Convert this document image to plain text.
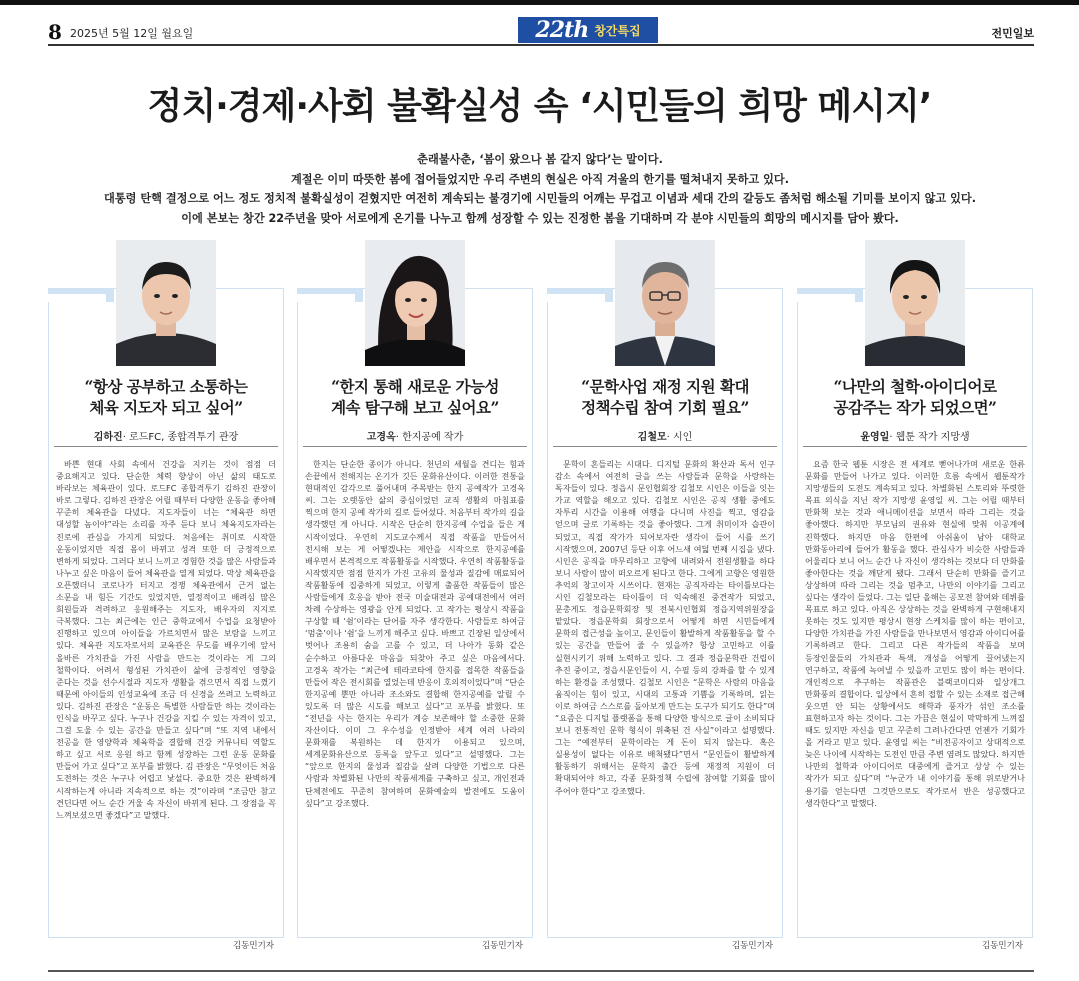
8 2025년 5월 12일 월요일	22th 창간특집	전민일보
정치·경제·사회 불확실성 속 ‘시민들의 희망 메시지’
춘래불사춘, ‘봄이 왔으나 봄 같지 않다’는 말이다.
계절은 이미 따뜻한 봄에 접어들었지만 우리 주변의 현실은 아직 겨울의 한기를 떨쳐내지 못하고 있다.
대통령 탄핵 결정으로 어느 정도 정치적 불확실성이 걷혔지만 여전히 계속되는 불경기에 시민들의 어깨는 무겁고 이념과 세대 간의 갈등도 좀처럼 해소될 기미를 보이지 않고 있다.
이에 본보는 창간 22주년을 맞아 서로에게 온기를 나누고 함께 성장할 수 있는 진정한 봄을 기대하며 각 분야 시민들의 희망의 메시지를 담아 봤다.
“항상 공부하고 소통하는
체육 지도자 되고 싶어”
김하진· 로드FC, 종합격투기 관장

바쁜 현대 사회 속에서 건강을 지키는 것이 점점 더 중요해지고 있다. 단순한 체력 향상이 아닌 삶의 태도로 바라보는 체육관이 있다. 로드FC 종합격투기 김하진 관장이 바로 그렇다. 김하진 관장은 어릴 때부터 다양한 운동을 좋아해 꾸준히 체육관을 다녔다. 지도자들이 너는 “체육관 하면 대성할 놈이야”라는 소리를 자주 듣다 보니 체육지도자라는 진로에 관심을 가지게 되었다. 처음에는 취미로 시작한 운동이었지만 직접 몸이 바뀌고 성격 또한 더 긍정적으로 변하게 되었다. 그러다 보니 느끼고 경험한 것을 많은 사람들과 나누고 싶은 마음이 들어 체육관을 열게 되었다. 막상 체육관을 오픈했더니 코로나가 터지고 경쟁 체육관에서 근거 없는 소문을 내 힘든 기간도 있었지만, 열정적이고 배려심 많은 회원들과 격려하고 응원해주는 지도자, 배우자의 지지로 극복했다. 그는 최근에는 인근 중학교에서 수업을 요청받아 진행하고 있으며 아이들을 가르치면서 많은 보람을 느끼고 있다. 체육관 지도자로서의 교육관은 무도를 배우기에 앞서 올바른 가치관을 가진 사람을 만드는 것이라는 게 그의 철학이다. 어려서 형성된 가치관이 삶에 긍정적인 영향을 준다는 것을 선수시절과 지도자 생활을 겪으면서 직접 느꼈기 때문에 아이들의 인성교육에 조금 더 신경을 쓰려고 노력하고 있다. 김하진 관장은 “운동은 특별한 사람들만 하는 것이라는 인식을 바꾸고 싶다. 누구나 건강을 지킬 수 있는 자격이 있고, 그걸 도울 수 있는 공간을 만들고 싶다”며 “또 지역 내에서 전공을 한 영양학과 체육학을 결합해 건강 커뮤니티 역할도 하고 싶고 서로 응원 하고 함께 성장하는 그런 운동 문화를 만들어 가고 싶다”고 포부를 밝혔다. 김 관장은 “무엇이든 처음 도전하는 것은 누구나 어렵고 낯설다. 중요한 것은 완벽하게 시작하는게 아니라 지속적으로 하는 것”이라며 “조금만 참고 견딘다면 어느 순간 거울 속 자신이 바뀌게 된다. 그 장점을 꼭 느껴보셨으면 좋겠다”고 말했다.

김동민기자
“한지 통해 새로운 가능성
계속 탐구해 보고 싶어요”
고경옥· 한지공예 작가

한지는 단순한 종이가 아니다. 천년의 세월을 견디는 힘과 손끝에서 전해지는 온기가 깃든 문화유산이다. 이러한 전통을 현대적인 감각으로 풀어내며 주목받는 한지 공예작가 고경옥 씨. 그는 오랫동안 삶의 중심이었던 교직 생활의 마침표를 찍으며 한지 공예 작가의 길로 들어섰다. 처음부터 작가의 길을 생각했던 게 아니다. 시작은 단순히 한지공예 수업을 들은 게 시작이었다. 우연히 지도교수께서 직접 작품을 만들어서 전시해 보는 게 어떻겠냐는 제안을 시작으로 한지공예를 배우면서 본격적으로 작품활동을 시작했다. 우연히 작품활동을 시작했지만 점점 한지가 가진 고유의 물성과 질감에 매료되어 작품활동에 집중하게 되었고, 이렇게 출품한 작품들이 많은 사람들에게 호응을 받아 전국 미술대전과 공예대전에서 여러 차례 수상하는 영광을 안게 되었다. 고 작가는 평상시 작품을 구상할 때 ‘쉼’이라는 단어를 자주 생각한다. 사람들로 하여금 ‘멈춤’이나 ‘쉼’을 느끼게 해주고 싶다. 바쁘고 긴장된 일상에서 벗어나 조용히 숨을 고를 수 있고, 더 나아가 동화 같은 순수하고 아름다운 마음을 되찾아 주고 싶은 마음에서다. 고경옥 작가는 “최근에 테라코타에 한지를 접목한 작품들을 만들어 작은 전시회를 열었는데 반응이 호의적이었다”며 “단순 한지공예 뿐만 아니라 조소와도 결합해 한지공예를 알릴 수 있도록 더 많은 시도를 해보고 싶다”고 포부를 밝혔다. 또 “전년을 사는 한지는 우리가 계승 보존해야 할 소중한 문화 자산이다. 이미 그 우수성을 인정받아 세계 여러 나라의 문화재를 복원하는 데 한지가 이용되고 있으며, 세계문화유산으로 등록을 앞두고 있다”고 설명했다. 그는 “앞으로 한지의 물성과 질감을 살려 다양한 기법으로 다른 사람과 차별화된 나만의 작품세계를 구축하고 싶고, 개인전과 단체전에도 꾸준히 참여하며 문화예술의 발전에도 도움이 싶다”고 강조했다.

김동민기자
“문학사업 재정 지원 확대
정책수립 참여 기회 필요”
김철모· 시인

문학이 흔들리는 시대다. 디지털 문화의 확산과 독서 인구 감소 속에서 여전히 글을 쓰는 사람들과 문학을 사랑하는 독자들이 있다. 정읍시 문인협회장 김철모 시인은 이들을 잇는 가교 역할을 해오고 있다. 김철모 시인은 공직 생활 중에도 자투리 시간을 이용해 여행을 다니며 사진을 찍고, 영감을 얻으며 글로 기록하는 것을 좋아했다. 그게 취미이자 습관이 되었고, 직접 작가가 되어보자란 생각이 들어 시를 쓰기 시작했으며, 2007년 등단 이후 어느새 여덟 번째 시집을 냈다. 시인은 공직을 마무리하고 고향에 내려와서 전원생활을 하다 보니 사람이 많이 떠오르게 된다고 한다. 그에게 고향은 영원한 추억의 창고이자 시쓰이다. 현재는 공직자라는 타이틀보다는 시인 김철모라는 타이틀이 더 익숙해진 중견작가 되었고, 문총게도 정읍문학회장 및 전북시인협회 정읍지역위원장을 맡았다. 정읍문학회 회장으로서 어떻게 하면 시민들에게 문학의 접근성을 높이고, 문인들이 활발하게 작품활동을 할 수 있는 공간을 만들어 줄 수 있을까? 항상 고민하고 이를 실현시키기 위해 노력하고 있다. 그 결과 정읍문학관 건립이 추진 중이고, 정읍시문인들이 시, 수필 등의 강좌를 할 수 있게 하는 환경을 조성했다. 김철모 시인은 “문학은 사람의 마음을 움직이는 힘이 있고, 시대의 고통과 기쁨을 기록하며, 읽는 이로 하여금 스스로를 돌아보게 만드는 도구가 되기도 한다”며 “요즘은 디지털 플랫폼을 통해 다양한 방식으로 글이 소비되다 보니 전통적인 문학 형식이 위축된 건 사실”이라고 설명했다. 그는 “예전부터 문학이라는 게 돈이 되지 않는다. 혹은 실용성이 없다는 이유로 배척됐다”면서 “문인들이 활발하게 활동하기 위해서는 문학지 출간 등에 재정적 지원이 더 확대되어야 하고, 각종 문화정책 수립에 참여할 기회를 많이 주어야 한다”고 강조했다.

김동민기자
“나만의 철학·아이디어로
공감주는 작가 되었으면”
윤영일· 웹툰 작가 지망생

요즘 한국 웹툰 시장은 전 세계로 뻗어나가며 새로운 한류 문화를 만들어 나가고 있다. 이러한 흐름 속에서 웹툰작가 지망생들의 도전도 계속되고 있다. 차별화된 스토리와 뚜렷한 목표 의식을 지닌 작가 지망생 윤영일 씨. 그는 어릴 때부터 만화책 보는 것과 애니메이션을 보면서 따라 그리는 것을 좋아했다. 하지만 부모님의 권유와 현실에 맞춰 이공계에 진학했다. 하지만 마음 한편에 아쉬움이 남아 대학교 만화동아리에 들어가 활동을 했다. 관심사가 비슷한 사람들과 어울리다 보니 어느 순간 나 자신이 생각하는 것보다 더 만화를 좋아한다는 것을 깨닫게 됐다. 그래서 단순히 만화를 즐기고 상상하며 따라 그리는 것을 멈추고, 나만의 이야기를 그리고 싶다는 생각이 들었다. 그는 일단 올해는 공모전 참여와 데뷔를 목표로 하고 있다. 아직은 상상하는 것을 완벽하게 구현해내지 못하는 것도 있지만 평상시 현장 스케치를 많이 하는 편이고, 다양한 가치관을 가진 사람들을 만나보면서 영감과 아이디어를 기록하려고 한다. 그리고 다른 작가들의 작품을 보며 등장인물들의 가치관과 특색, 개성을 어떻게 끌어냈는지 연구하고, 작품에 녹여낼 수 있을까 고민도 많이 하는 편이다. 개인적으로 추구하는 작품관은 블랙코미디와 일상개그 만화풍의 결합이다. 일상에서 흔히 접할 수 있는 소재로 접근해 웃으면 안 되는 상황에서도 해학과 풍자가 섞인 조소를 표현하고자 하는 것이다. 그는 가끔은 현실이 막막하게 느껴질 때도 있지만 자신을 믿고 꾸준히 그려나간다면 언젠가 기회가 올 거라고 믿고 있다. 윤영일 씨는 “비전공자이고 상대적으로 늦은 나이에 시작하는 도전인 만큼 주변 염려도 많았다. 하지만 나만의 철학과 아이디어로 대중에게 즐거고 상상 수 있는 작가가 되고 싶다”며 “누군가 내 이야기를 통해 위로받거나 용기를 얻는다면 그것만으로도 작가로서 반은 성공했다고 생각한다”고 말했다.

김동민기자
